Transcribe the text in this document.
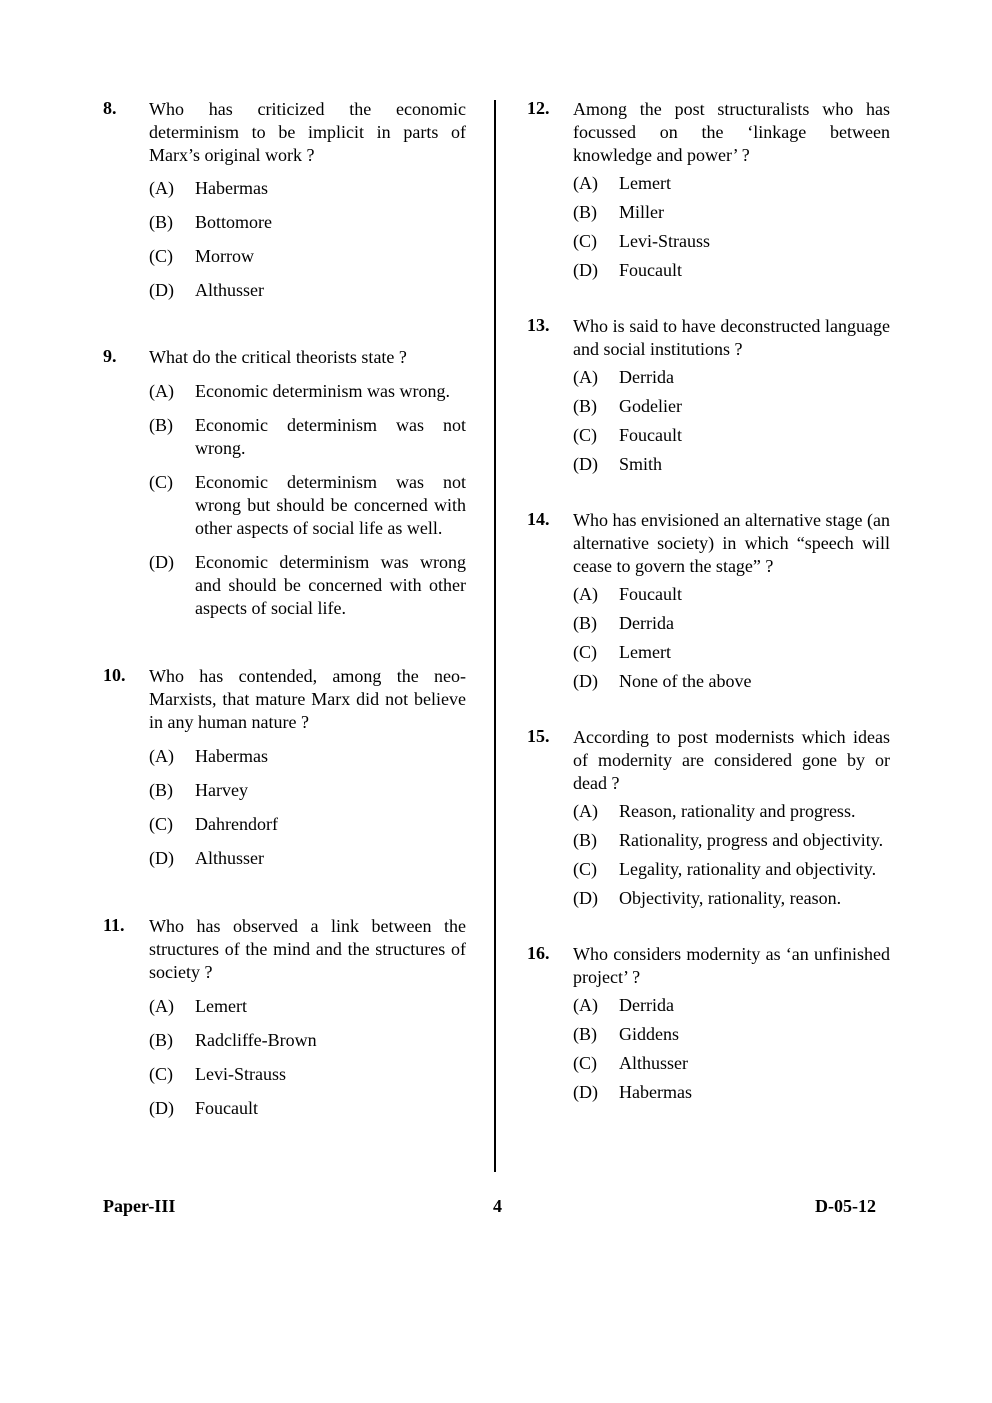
8.	Who has criticized the economic determinism to be implicit in parts of Marx’s original work ?
(A)	Habermas
(B)	Bottomore
(C)	Morrow
(D)	Althusser
9.	What do the critical theorists state ?
(A)	Economic determinism was wrong.
(B)	Economic determinism was not wrong.
(C)	Economic determinism was not wrong but should be concerned with other aspects of social life as well.
(D)	Economic determinism was wrong and should be concerned with other aspects of social life.
10.	Who has contended, among the neo-Marxists, that mature Marx did not believe in any human nature ?
(A)	Habermas
(B)	Harvey
(C)	Dahrendorf
(D)	Althusser
11.	Who has observed a link between the structures of the mind and the structures of society ?
(A)	Lemert
(B)	Radcliffe-Brown
(C)	Levi-Strauss
(D)	Foucault
12.	Among the post structuralists who has focussed on the ‘linkage between knowledge and power’ ?
(A)	Lemert
(B)	Miller
(C)	Levi-Strauss
(D)	Foucault
13.	Who is said to have deconstructed language and social institutions ?
(A)	Derrida
(B)	Godelier
(C)	Foucault
(D)	Smith
14.	Who has envisioned an alternative stage (an alternative society) in which “speech will cease to govern the stage” ?
(A)	Foucault
(B)	Derrida
(C)	Lemert
(D)	None of the above
15.	According to post modernists which ideas of modernity are considered gone by or dead ?
(A)	Reason, rationality and progress.
(B)	Rationality, progress and objectivity.
(C)	Legality, rationality and objectivity.
(D)	Objectivity, rationality, reason.
16.	Who considers modernity as ‘an unfinished project’ ?
(A)	Derrida
(B)	Giddens
(C)	Althusser
(D)	Habermas
Paper-III	4	D-05-12
